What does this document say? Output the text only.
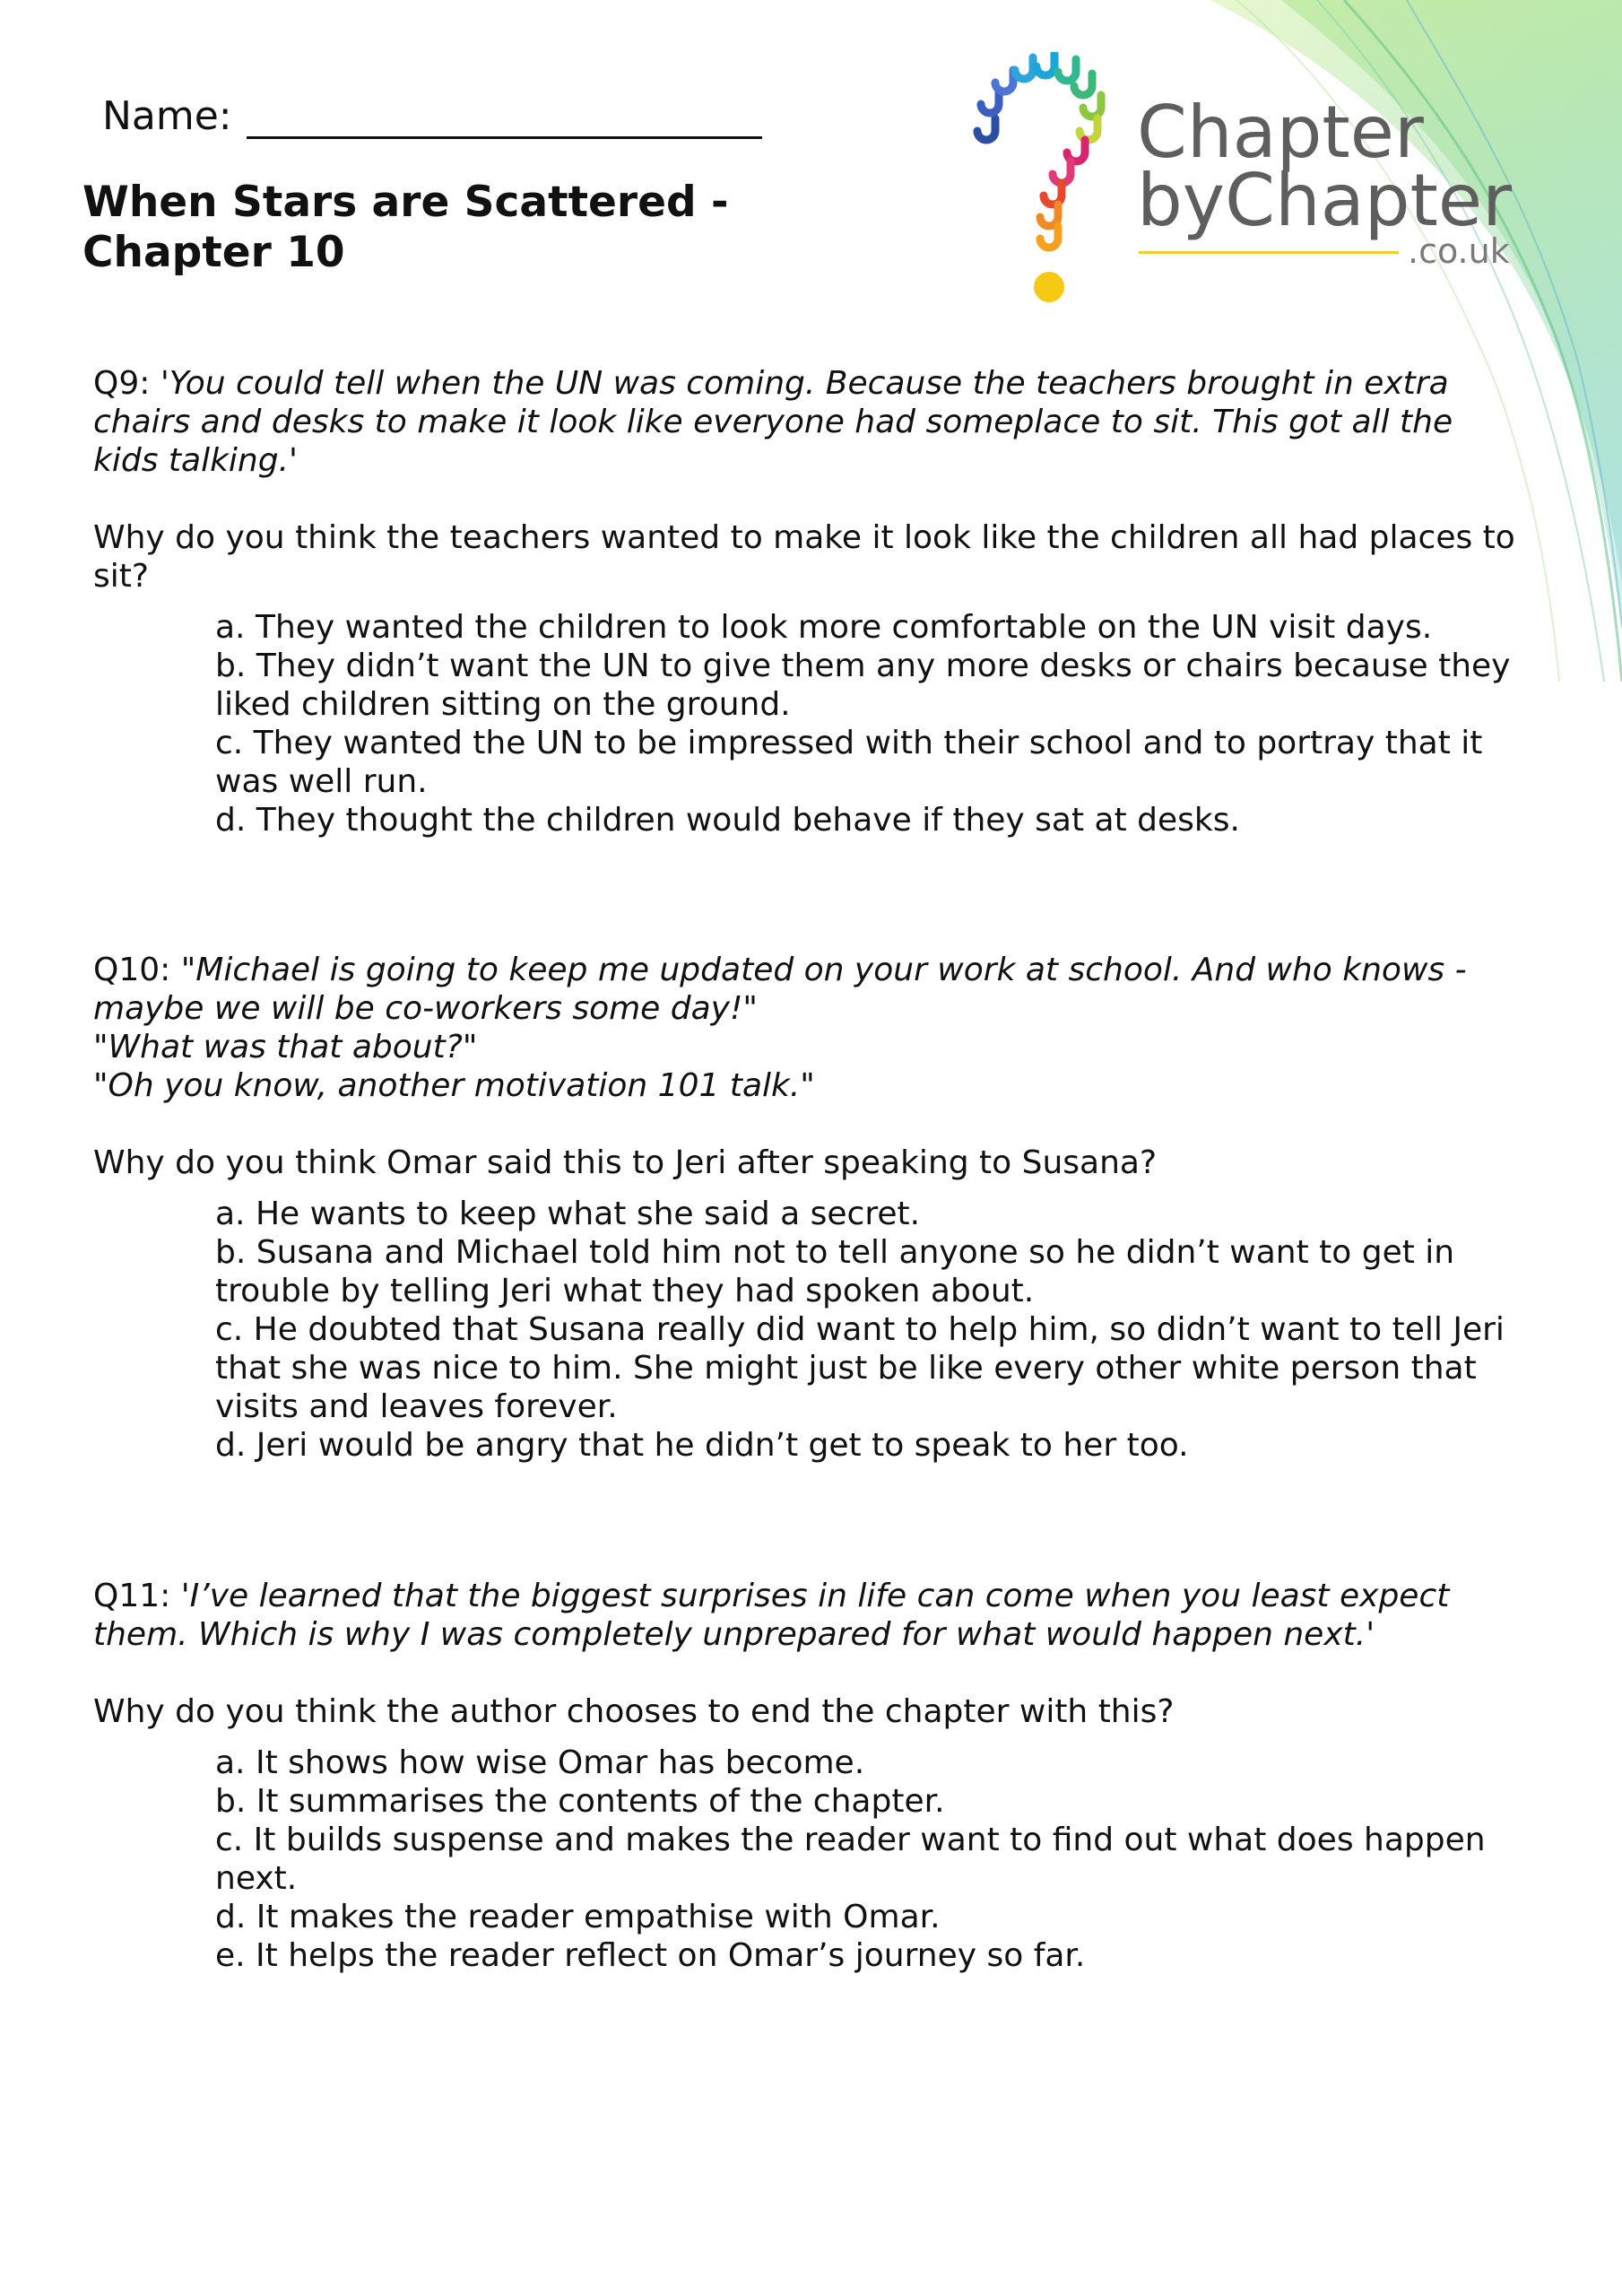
Name:
When Stars are Scattered -
Chapter 10
Chapter
byChapter
.co.uk
Q9: 'You could tell when the UN was coming. Because the teachers brought in extra chairs and desks to make it look like everyone had someplace to sit. This got all the kids talking.'
Why do you think the teachers wanted to make it look like the children all had places to sit?
a. They wanted the children to look more comfortable on the UN visit days.
b. They didn’t want the UN to give them any more desks or chairs because they liked children sitting on the ground.
c. They wanted the UN to be impressed with their school and to portray that it was well run.
d. They thought the children would behave if they sat at desks.
Q10: "Michael is going to keep me updated on your work at school. And who knows - maybe we will be co-workers some day!"
"What was that about?"
"Oh you know, another motivation 101 talk."
Why do you think Omar said this to Jeri after speaking to Susana?
a. He wants to keep what she said a secret.
b. Susana and Michael told him not to tell anyone so he didn’t want to get in trouble by telling Jeri what they had spoken about.
c. He doubted that Susana really did want to help him, so didn’t want to tell Jeri that she was nice to him. She might just be like every other white person that visits and leaves forever.
d. Jeri would be angry that he didn’t get to speak to her too.
Q11: 'I’ve learned that the biggest surprises in life can come when you least expect them. Which is why I was completely unprepared for what would happen next.'
Why do you think the author chooses to end the chapter with this?
a. It shows how wise Omar has become.
b. It summarises the contents of the chapter.
c. It builds suspense and makes the reader want to find out what does happen next.
d. It makes the reader empathise with Omar.
e. It helps the reader reflect on Omar’s journey so far.
